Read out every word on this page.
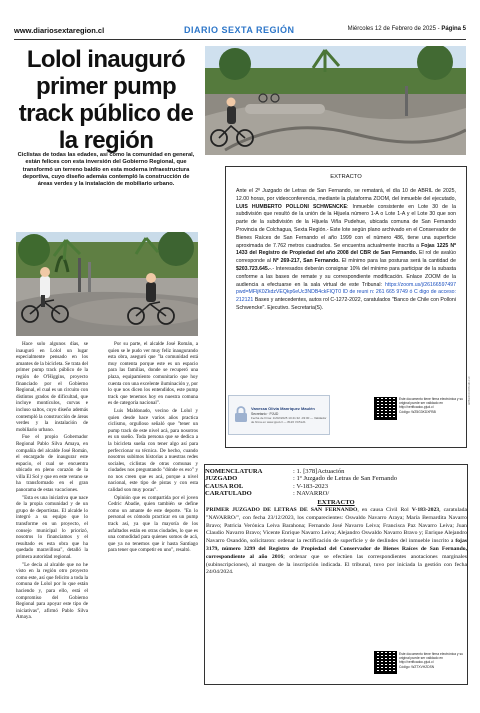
www.diariosextaregion.cl	DIARIO SEXTA REGIÓN	Miércoles 12 de Febrero de 2025 - Página 5
Lolol inauguró primer pump track público de la región

Ciclistas de todas las edades, así como la comunidad en general, están felices con esta inversión del Gobierno Regional, que transformó un terreno baldío en esta moderna infraestructura deportiva, cuyo diseño además contempló la construcción de áreas verdes y la instalación de mobiliario urbano.

Hace solo algunos días, se inauguró en Lolol un lugar especialmente pensado en los amantes de la bicicleta. Se trata del primer pump track público de la región de O'Higgins, proyecto financiado por el Gobierno Regional, el cual es un circuito con distintos grados de dificultad, que incluye montículos, curvas e incluso saltos, cuyo diseño además contempló la construcción de áreas verdes y la instalación de mobiliario urbano.

Fue el propio Gobernador Regional Pablo Silva Amaya, en compañía del alcalde José Román, el encargado de inaugurar este espacio, el cual se encuentra ubicado en pleno corazón de la villa El Sol y que en este verano se ha transformado en el gran panorama de estas vacaciones.

"Esta es una iniciativa que nace de la propia comunidad y de un grupo de deportistas. El alcalde lo integró a su equipo que lo transforme en un proyecto, el consejo municipal lo priorizó, nosotros lo financiamos y el resultado es esta obra que ha quedado maravillosa", detalló la primera autoridad regional.

"Le decía al alcalde que no he visto en la región otro proyecto como este, así que felicito a toda la comuna de Lolol por lo que están haciendo y, para ello, está el compromiso del Gobierno Regional para apoyar este tipo de iniciativas", afirmó Pablo Silva Amaya.

Por su parte, el alcalde José Román, a quien se le pudo ver muy feliz inaugurando esta obra, aseguró que "la comunidad está muy contenta porque este es un espacio para las familias, donde se recuperó una plaza, equipamiento comunitario que hoy cuenta con una excelente iluminación y, por lo que nos dicen los entendidos, este pump track que tenemos hoy en nuestra comuna es de categoría nacional".

Luis Maldonado, vecino de Lolol y quien desde hace varios años practica ciclismo, orgulloso señaló que "tener un pump track de este nivel acá, para nosotros es un sueño. Toda persona que se dedica a la bicicleta sueña con tener algo así para perfeccionar su técnica. De hecho, cuando nosotros subimos historias a nuestras redes sociales, ciclistas de otras comunas y ciudades nos preguntando "dónde es eso" y no nos creen que es acá, porque a nivel nacional, este tipo de pistas y con esta calidad son muy pocas".

Opinión que es compartida por el joven Cedric Abadie, quien también se define como un amante de este deporte. "En lo personal es cómodo practicar en un pump track así, ya que la mayoría de los asfaltados están en otras ciudades, lo que es una comodidad para quienes somos de acá, que ya no tenemos que ir hasta Santiago para tener que competir en uno", resaltó.

EXTRACTO
Ante el 2º Juzgado de Letras de San Fernando, se rematará, el día 10 de ABRIL de 2025, 12.00 horas, por videoconferencia, mediante la plataforma ZOOM, del inmueble del ejecutado, LUIS HUMBERTO POLLONI SCHWENCKE: Inmueble consistente en Lote 30 de la subdivisión que resultó de la unión de la Hijuela número 1-A o Lote 1-A y el Lote 30 que son parte de la subdivisión de la Hijuela Viña Pudehue, ubicada comuna de San Fernando Provincia de Colchagua, Sexta Región.- Este lote según plano archivado en el Conservador de Bienes Raíces de San Fernando el año 1999 con el número 486, tiene una superficie aproximada de 7.762 metros cuadrados. Se encuentra actualmente inscrita a Fojas 1225 Nº 1433 del Registro de Propiedad del año 2008 del CBR de San Fernando. El rol de avalúo corresponde al Nº 269-217, San Fernando. El mínimo para las posturas será la cantidad de $203.723.645.-.- Interesados deberán consignar 10% del mínimo para participar de la subasta conforme a las bases de remate y su correspondiente modificación. Enlace ZOOM de la audiencia a efectuarse en la sala virtual de este Tribunal: https://zoom.us/j/26166597497 pwd=MFljK0ZkdzVEQkp6eUc3NDB4ckFIQT0 ID de reuni n: 261 665 9749 ó C digo de acceso: 212121 Bases y antecedentes, autos rol C-1272-2022, caratulados "Banco de Chile con Polloni Schwencke". Ejecutivo. Secretaria(S).
Vanessa Olivia Manriquez Maulén
Secretario · PJUD
Fecha de firma: 11/02/2025 10:41:32 -03:00 — Validador de firma en www.pjud.cl — 8126 VC5L21
Este documento tiene firma electrónica y su original puede ser validado en http://verificadoc.pjud.cl
Código: WZ5G3KDXFBB
WZ5G3KDXFBB-MC-FL0
NOMENCLATURA	: 1. [378]Actuación
JUZGADO	: 1º Juzgado de Letras de San Fernando
CAUSA ROL	: V-183-2023
CARATULADO	: NAVARRO/
EXTRACTO
PRIMER JUZGADO DE LETRAS DE SAN FERNANDO, en causa Civil Rol V-183-2023, caratulada "NAVARRO/", con fecha 23/12/2023, los comparecientes: Oswaldo Navarro Araya; María Bernardita Navarro Bravo; Patricia Verónica Leiva Barahona; Fernando José Navarro Leiva; Francisca Paz Navarro Leiva; Juan Claudio Navarro Bravo; Vicente Enrique Navarro Leiva; Alejandro Oswaldo Navarro Bravo y; Enrique Alejandro Navarro Osandón, solicitaron: ordenar la rectificación de superficie y de deslindes del inmueble inscrito a fojas 3179, número 3299 del Registro de Propiedad del Conservador de Bienes Raíces de San Fernando, correspondiente al año 2016; ordenar que se efectúen las correspondientes anotaciones marginales (subinscripciones), al margen de la inscripción indicada. El tribunal, tuvo por iniciada la gestión con fecha 24/04/2024.
Este documento tiene firma electrónica y su original puede ser validado en http://verificadoc.pjud.cl
Código: WZTXVHZDSN
